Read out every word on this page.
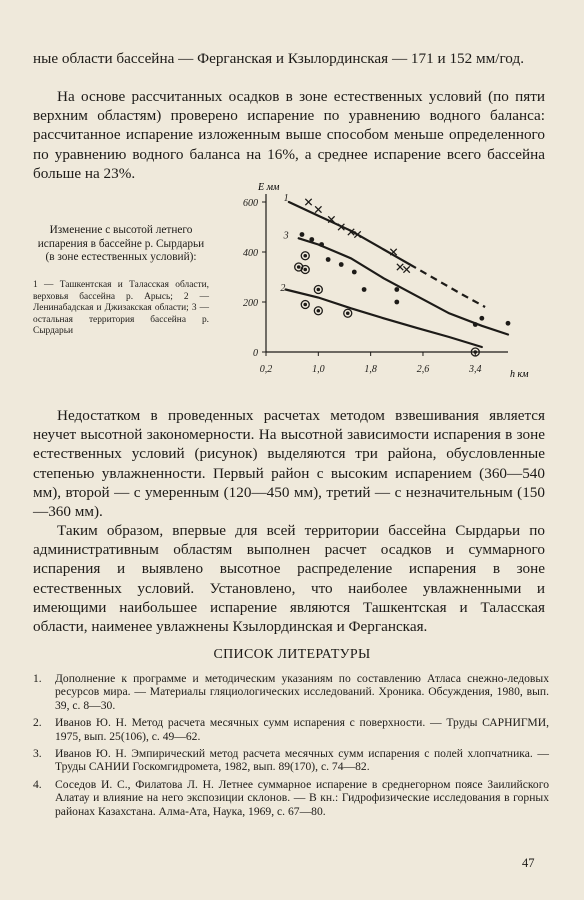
ные области бассейна — Ферганская и Кзылординская — 171 и 152 мм/год.

На основе рассчитанных осадков в зоне естественных условий (по пяти верхним областям) проверено испарение по уравнению водного баланса: рассчитанное испарение изложенным выше способом меньше определенного по уравнению водного баланса на 16%, а среднее испарение всего бассейна больше на 23%.

Изменение с высотой летнего испарения в бассейне р. Сырдарьи (в зоне естественных условий):

1 — Ташкентская и Таласская области, верховья бассейна р. Арысь; 2 — Ленинабадская и Джизакская области; 3 — остальная территория бассейна р. Сырдарьи

E мм
h км
0,2	1,0	1,8	2,6	3,4
0
200
400
600	1
2
3

Недостатком в проведенных расчетах методом взвешивания является неучет высотной закономерности. На высотной зависимости испарения в зоне естественных условий (рисунок) выделяются три района, обусловленные степенью увлажненности. Первый район с высоким испарением (360—540 мм), второй — с умеренным (120—450 мм), третий — с незначительным (150—360 мм).

Таким образом, впервые для всей территории бассейна Сырдарьи по административным областям выполнен расчет осадков и суммарного испарения и выявлено высотное распределение испарения в зоне естественных условий. Установлено, что наиболее увлажненными и имеющими наибольшее испарение являются Ташкентская и Таласская области, наименее увлажнены Кзылординская и Ферганская.

СПИСОК ЛИТЕРАТУРЫ

1. Дополнение к программе и методическим указаниям по составлению Атласа снежно-ледовых ресурсов мира. — Материалы гляциологических исследований. Хроника. Обсуждения, 1980, вып. 39, с. 8—30.
2. Иванов Ю. Н. Метод расчета месячных сумм испарения с поверхности. — Труды САРНИГМИ, 1975, вып. 25(106), с. 49—62.
3. Иванов Ю. Н. Эмпирический метод расчета месячных сумм испарения с полей хлопчатника. — Труды САНИИ Госкомгидромета, 1982, вып. 89(170), с. 74—82.
4. Соседов И. С., Филатова Л. Н. Летнее суммарное испарение в среднегорном поясе Заилийского Алатау и влияние на него экспозиции склонов. — В кн.: Гидрофизические исследования в горных районах Казахстана. Алма-Ата, Наука, 1969, с. 67—80.
47
